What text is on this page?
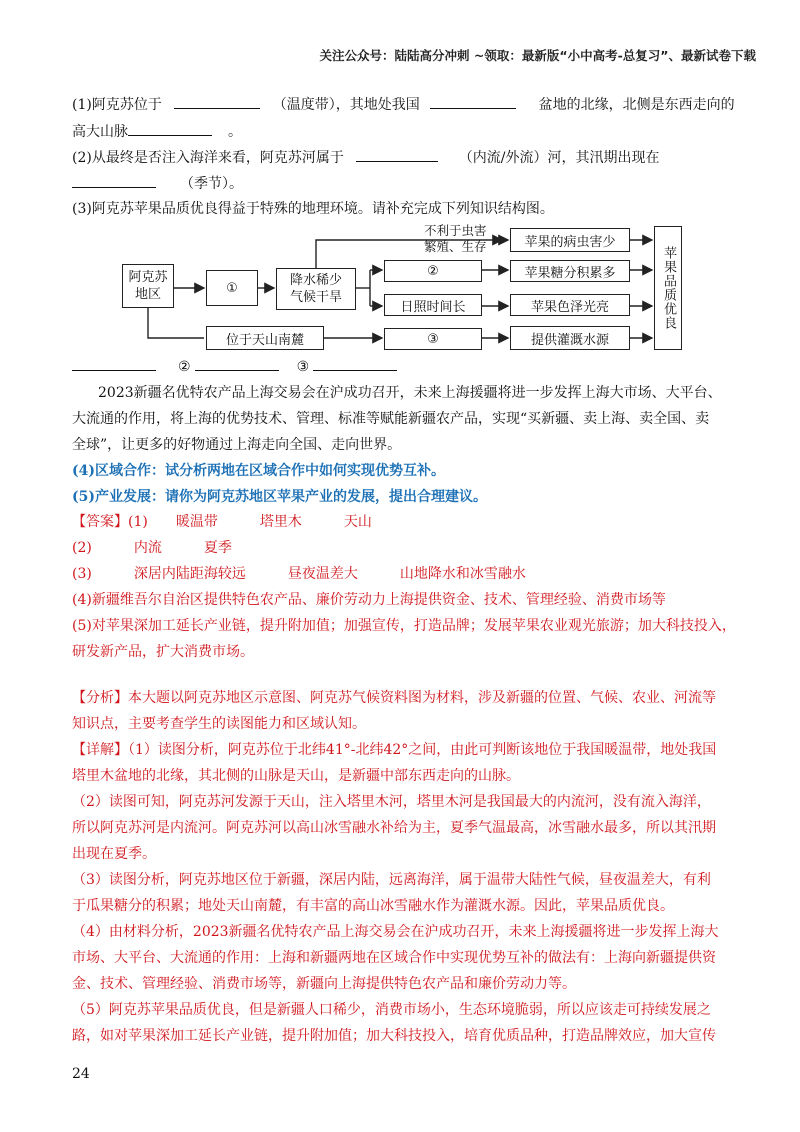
关注公众号：陆陆高分冲刺 ~领取：最新版“小中高考-总复习”、最新试卷下载
(1)阿克苏位于	（温度带），其地处我国	盆地的北缘，北侧是东西走向的
高大山脉	。
(2)从最终是否注入海洋来看，阿克苏河属于	（内流/外流）河，其汛期出现在
（季节）。
(3)阿克苏苹果品质优良得益于特殊的地理环境。请补充完成下列知识结构图。
阿克苏
地区	①	降水稀少
气候干旱
②
日照时间长
位于天山南麓	③
不利于虫害
繁殖、生存	苹果的病虫害少
苹果糖分积累多
苹果色泽光亮
提供灌溉水源
苹果品质优良
②	③
2023新疆名优特农产品上海交易会在沪成功召开，未来上海援疆将进一步发挥上海大市场、大平台、
大流通的作用，将上海的优势技术、管理、标准等赋能新疆农产品，实现“买新疆、卖上海、卖全国、卖
全球”，让更多的好物通过上海走向全国、走向世界。
(4)区域合作：试分析两地在区域合作中如何实现优势互补。
(5)产业发展：请你为阿克苏地区苹果产业的发展，提出合理建议。
【答案】(1)　　暖温带　　　塔里木　　　天山
(2)　　　内流　　　夏季
(3)　　　深居内陆距海较远　　　昼夜温差大　　　山地降水和冰雪融水
(4)新疆维吾尔自治区提供特色农产品、廉价劳动力上海提供资金、技术、管理经验、消费市场等
(5)对苹果深加工延长产业链，提升附加值；加强宣传，打造品牌；发展苹果农业观光旅游；加大科技投入，
研发新产品，扩大消费市场。
【分析】本大题以阿克苏地区示意图、阿克苏气候资料图为材料，涉及新疆的位置、气候、农业、河流等
知识点，主要考查学生的读图能力和区域认知。
【详解】（1）读图分析，阿克苏位于北纬41°-北纬42°之间，由此可判断该地位于我国暖温带，地处我国
塔里木盆地的北缘，其北侧的山脉是天山，是新疆中部东西走向的山脉。
（2）读图可知，阿克苏河发源于天山，注入塔里木河，塔里木河是我国最大的内流河，没有流入海洋，
所以阿克苏河是内流河。阿克苏河以高山冰雪融水补给为主，夏季气温最高，冰雪融水最多，所以其汛期
出现在夏季。
（3）读图分析，阿克苏地区位于新疆，深居内陆，远离海洋，属于温带大陆性气候，昼夜温差大，有利
于瓜果糖分的积累；地处天山南麓，有丰富的高山冰雪融水作为灌溉水源。因此，苹果品质优良。
（4）由材料分析，2023新疆名优特农产品上海交易会在沪成功召开，未来上海援疆将进一步发挥上海大
市场、大平台、大流通的作用：上海和新疆两地在区域合作中实现优势互补的做法有：上海向新疆提供资
金、技术、管理经验、消费市场等，新疆向上海提供特色农产品和廉价劳动力等。
（5）阿克苏苹果品质优良，但是新疆人口稀少，消费市场小，生态环境脆弱，所以应该走可持续发展之
路，如对苹果深加工延长产业链，提升附加值；加大科技投入，培育优质品种，打造品牌效应，加大宣传
24
